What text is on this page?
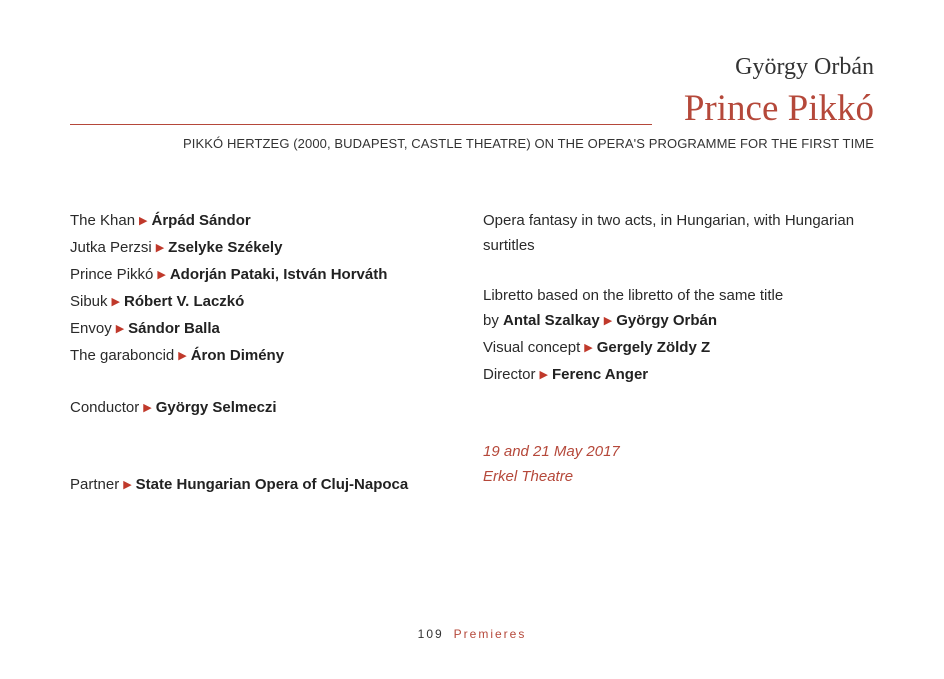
György Orbán
Prince Pikkó
PIKKÓ HERTZEG (2000, BUDAPEST, CASTLE THEATRE) ON THE OPERA'S PROGRAMME FOR THE FIRST TIME
The Khan ▶ Árpád Sándor
Jutka Perzsi ▶ Zselyke Székely
Prince Pikkó ▶ Adorján Pataki, István Horváth
Sibuk ▶ Róbert V. Laczkó
Envoy ▶ Sándor Balla
The garaboncid ▶ Áron Dimény
Conductor ▶ György Selmeczi
Partner ▶ State Hungarian Opera of Cluj-Napoca
Opera fantasy in two acts, in Hungarian, with Hungarian
surtitles
Libretto based on the libretto of the same title
by Antal Szalkay ▶ György Orbán
Visual concept ▶ Gergely Zöldy Z
Director ▶ Ferenc Anger
19 and 21 May 2017
Erkel Theatre
109 Premieres
